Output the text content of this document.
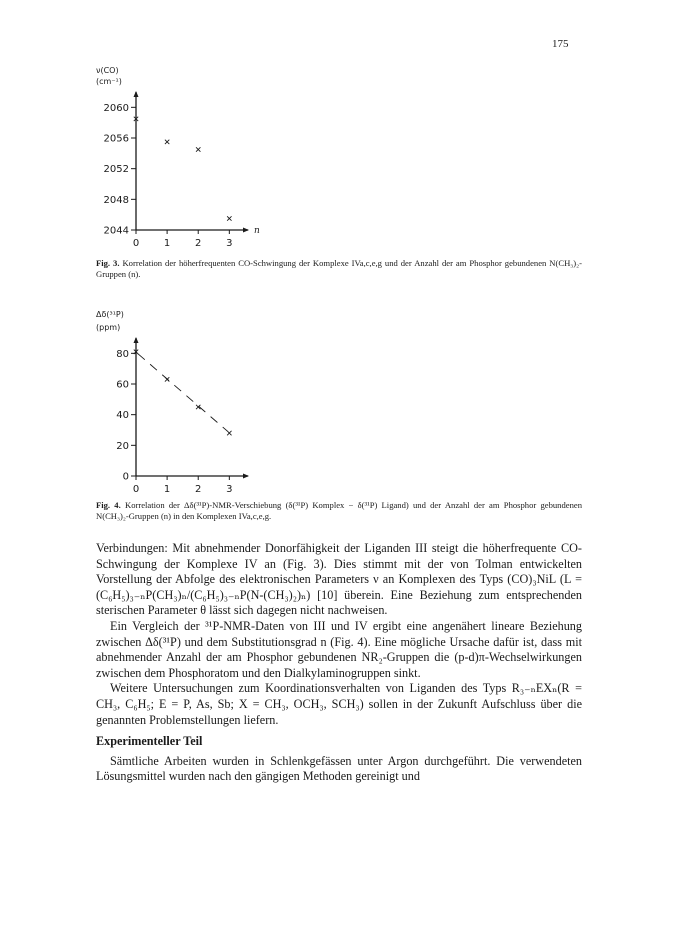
175
ν(CO)
(cm⁻¹)
2060
2056
2052
2048
2044
0 1 2 3
n
Fig. 3. Korrelation der höherfrequenten CO-Schwingung der Komplexe IVa,c,e,g und der Anzahl der am Phosphor gebundenen N(CH₃)₂-Gruppen (n).
Δδ(³¹P)
(ppm)
80
60
40
20
0
0 1 2 3
Fig. 4. Korrelation der Δδ(³¹P)-NMR-Verschiebung (δ(³¹P) Komplex − δ(³¹P) Ligand) und der Anzahl der am Phosphor gebundenen N(CH₃)₂-Gruppen (n) in den Komplexen IVa,c,e,g.

Verbindungen: Mit abnehmender Donorfähigkeit der Liganden III steigt die höherfrequente CO-Schwingung der Komplexe IV an (Fig. 3). Dies stimmt mit der von Tolman entwickelten Vorstellung der Abfolge des elektronischen Parameters ν an Komplexen des Typs (CO)₃NiL (L = (C₆H₅)₃₋ₙP(CH₃)ₙ/(C₆H₅)₃₋ₙP(N-(CH₃)₂)ₙ) [10] überein. Eine Beziehung zum entsprechenden sterischen Parameter θ lässt sich dagegen nicht nachweisen.

Ein Vergleich der ³¹P-NMR-Daten von III und IV ergibt eine angenähert lineare Beziehung zwischen Δδ(³¹P) und dem Substitutionsgrad n (Fig. 4). Eine mögliche Ursache dafür ist, dass mit abnehmender Anzahl der am Phosphor gebundenen NR₂-Gruppen die (p-d)π-Wechselwirkungen zwischen dem Phosphoratom und den Dialkylaminogruppen sinkt.

Weitere Untersuchungen zum Koordinationsverhalten von Liganden des Typs R₃₋ₙEXₙ(R = CH₃, C₆H₅; E = P, As, Sb; X = CH₃, OCH₃, SCH₃) sollen in der Zukunft Aufschluss über die genannten Problemstellungen liefern.

Experimenteller Teil

Sämtliche Arbeiten wurden in Schlenkgefässen unter Argon durchgeführt. Die verwendeten Lösungsmittel wurden nach den gängigen Methoden gereinigt und
